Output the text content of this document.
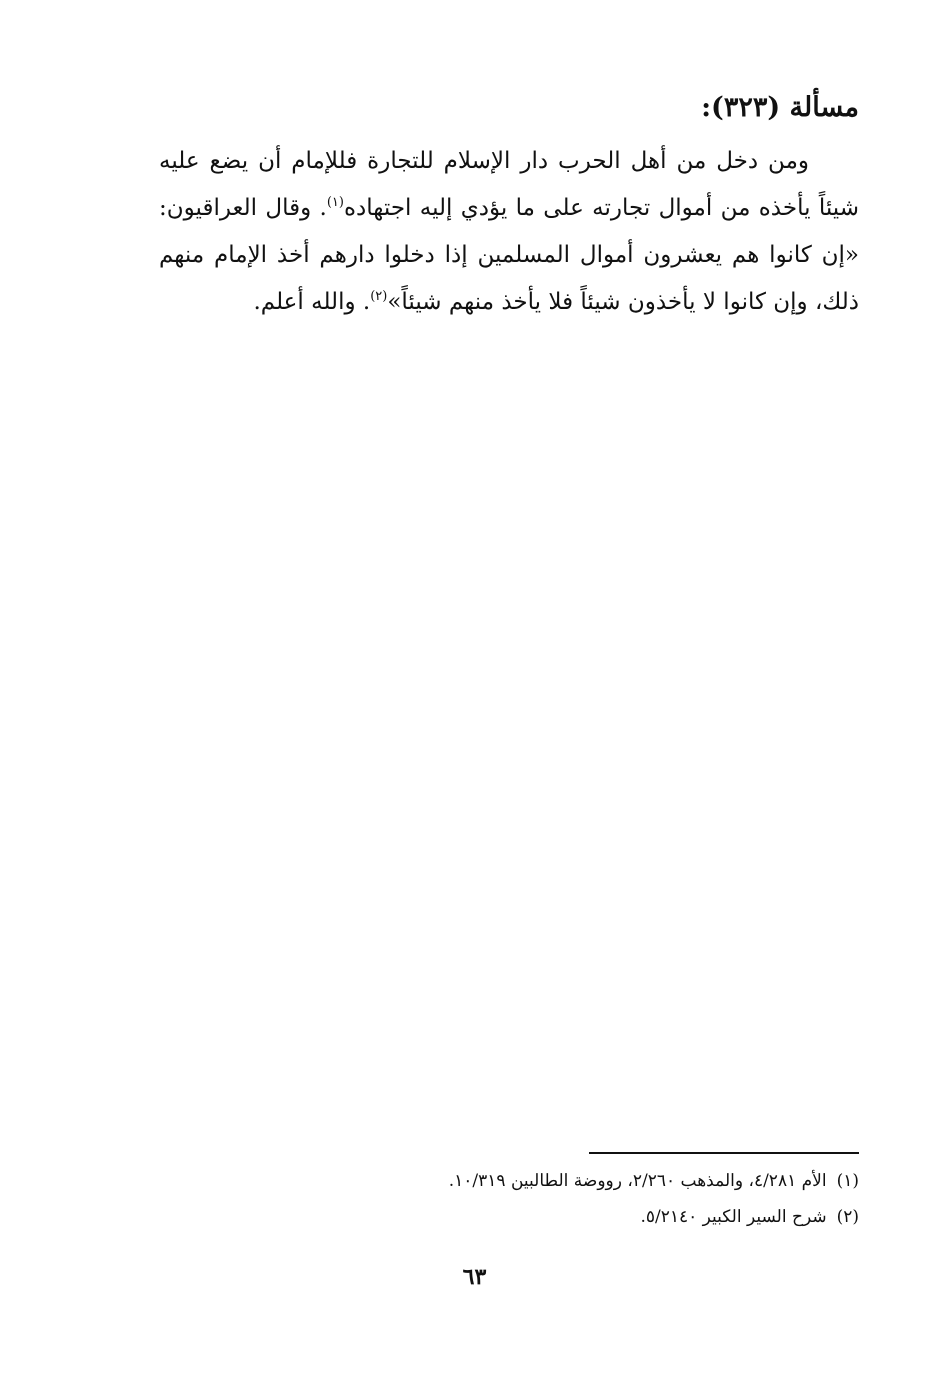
مسألة (٣٢٣):

ومن دخل من أهل الحرب دار الإسلام للتجارة فللإمام أن يضع عليه شيئاً يأخذه من أموال تجارته على ما يؤدي إليه اجتهاده$^{(١)}$. وقال العراقيون: «إن كانوا هم يعشرون أموال المسلمين إذا دخلوا دارهم أخذ الإمام منهم ذلك، وإن كانوا لا يأخذون شيئاً فلا يأخذ منهم شيئاً»$^{(٢)}$. والله أعلم.

(١)الأم ٤/٢٨١، والمذهب ٢/٢٦٠، رووضة الطالبين ١٠/٣١٩.
(٢)شرح السير الكبير ٥/٢١٤٠.
٦٣
